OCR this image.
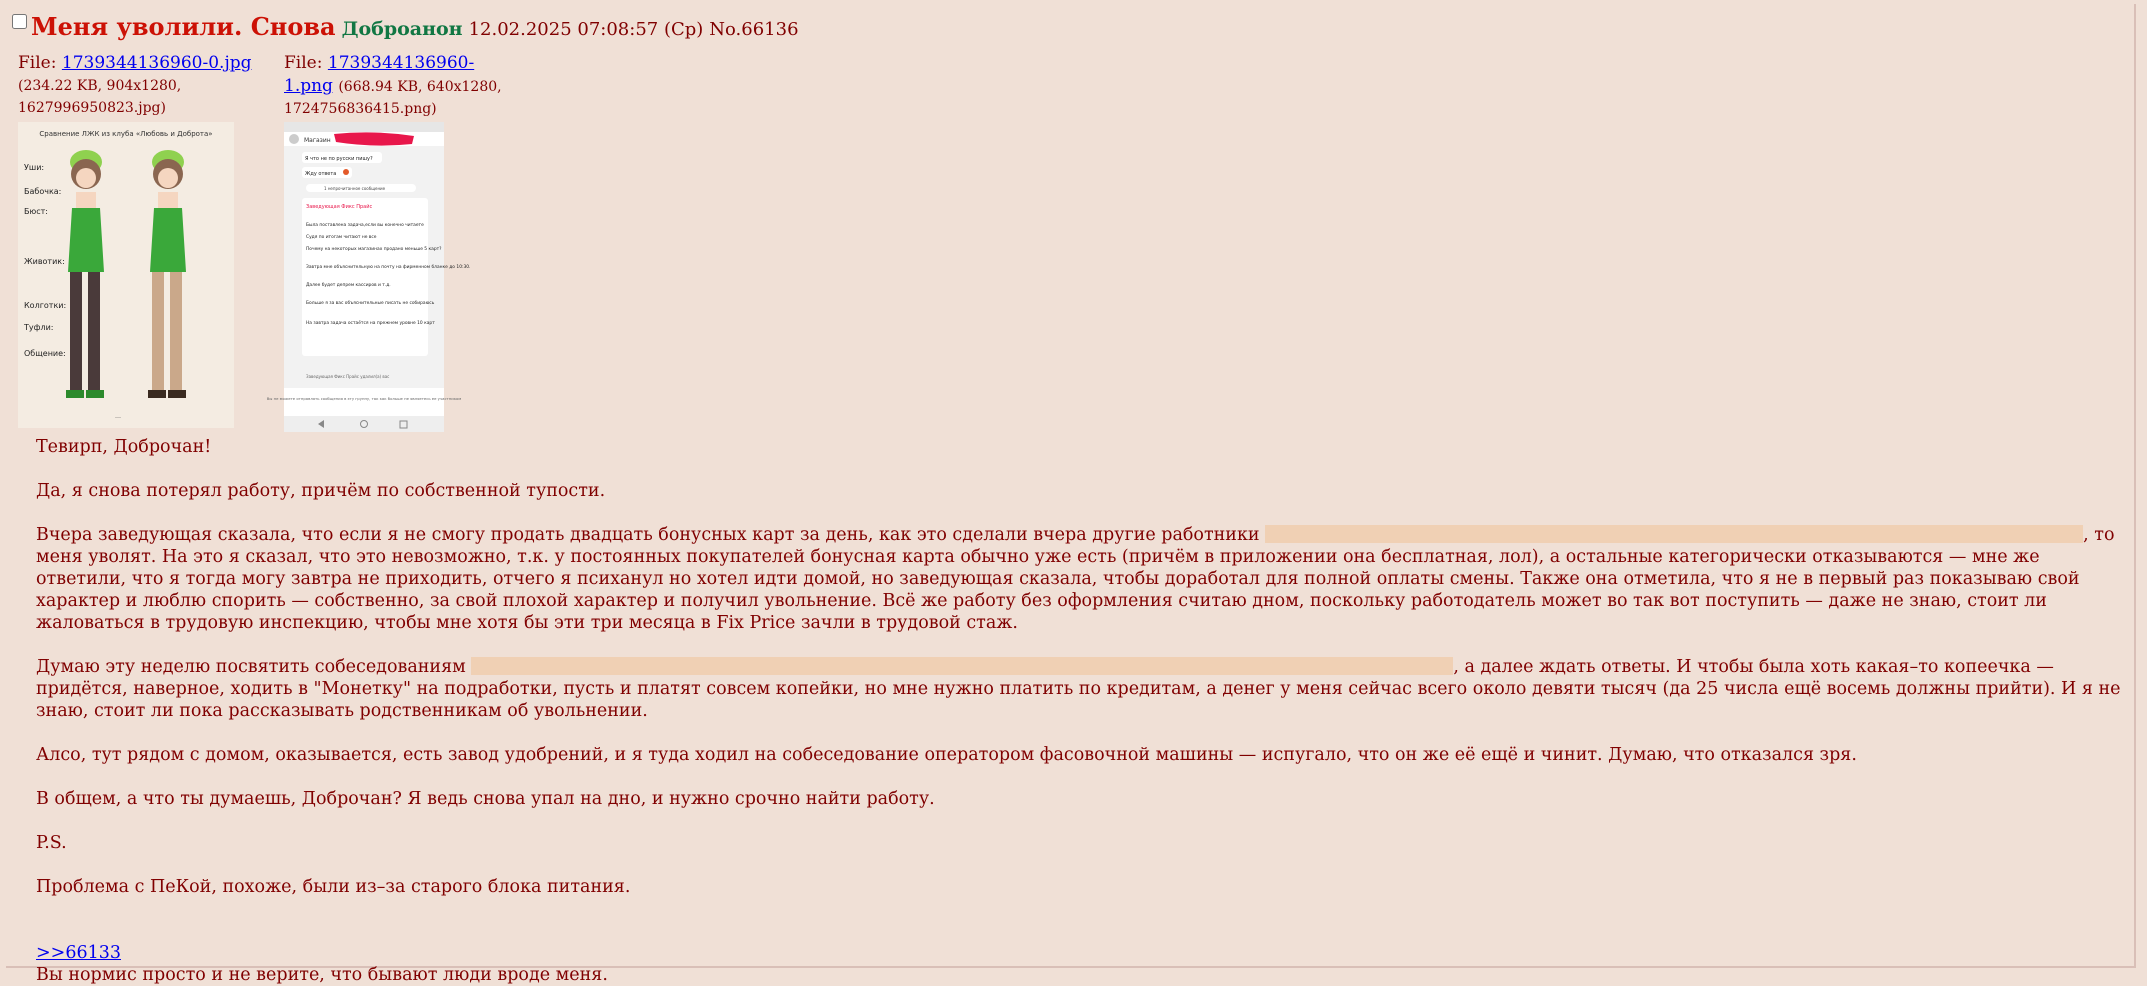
Меня уволили. Снова Доброанон 12.02.2025 07:08:57 (Ср) No.66136
File: 1739344136960-0.jpg
(234.22 KB, 904x1280,
1627996950823.jpg)
Сравнение ЛЖК из клуба «Любовь и Доброта»
Уши:
Бабочка:
Бюст:
Животик:
Колготки:
Туфли:
Общение:
…
File: 1739344136960-
1.png (668.94 KB, 640x1280,
1724756836415.png)
Магазин
Я что не по русски пишу?
Жду ответа
1 непрочитанное сообщение
Заведующая Фикс Прайс
Была поставлена задача,если вы конечно читаете
Судя по итогам читают не все
Почему на некоторых магазинах продано меньше 5 карт?
Завтра мне объяснительную на почту на фирменном бланке до 10:30.
Далее будет депрем кассиров и т.д.
Больше я за вас объяснительные писать не собираюсь
На завтра задача остаётся на прежнем уровне 10 карт
Заведующая Фикс Прайс удалил(а) вас
Вы не можете отправлять сообщения в эту группу, так как больше не являетесь ее участником

Тевирп, Доброчан!

Да, я снова потерял работу, причём по собственной тупости.

Вчера заведующая сказала, что если я не смогу продать двадцать бонусных карт за день, как это сделали вчера другие работники	, то меня уволят. На это я сказал, что это невозможно, т.к. у постоянных покупателей бонусная карта обычно уже есть (причём в приложении она бесплатная, лол), а остальные категорически отказываются — мне же ответили, что я тогда могу завтра не приходить, отчего я психанул но хотел идти домой, но заведующая сказала, чтобы доработал для полной оплаты смены. Также она отметила, что я не в первый раз показываю свой характер и люблю спорить — собственно, за свой плохой характер и получил увольнение. Всё же работу без оформления считаю дном, поскольку работодатель может во так вот поступить — даже не знаю, стоит ли жаловаться в трудовую инспекцию, чтобы мне хотя бы эти три месяца в Fix Price зачли в трудовой стаж.

Думаю эту неделю посвятить собеседованиям	, а далее ждать ответы. И чтобы была хоть какая–то копеечка — придётся, наверное, ходить в "Монетку" на подработки, пусть и платят совсем копейки, но мне нужно платить по кредитам, а денег у меня сейчас всего около девяти тысяч (да 25 числа ещё восемь должны прийти). И я не знаю, стоит ли пока рассказывать родственникам об увольнении.

Алсо, тут рядом с домом, оказывается, есть завод удобрений, и я туда ходил на собеседование оператором фасовочной машины — испугало, что он же её ещё и чинит. Думаю, что отказался зря.

В общем, а что ты думаешь, Доброчан? Я ведь снова упал на дно, и нужно срочно найти работу.

P.S.

Проблема с ПеКой, похоже, были из–за старого блока питания.

>>66133
Вы нормис просто и не верите, что бывают люди вроде меня.
